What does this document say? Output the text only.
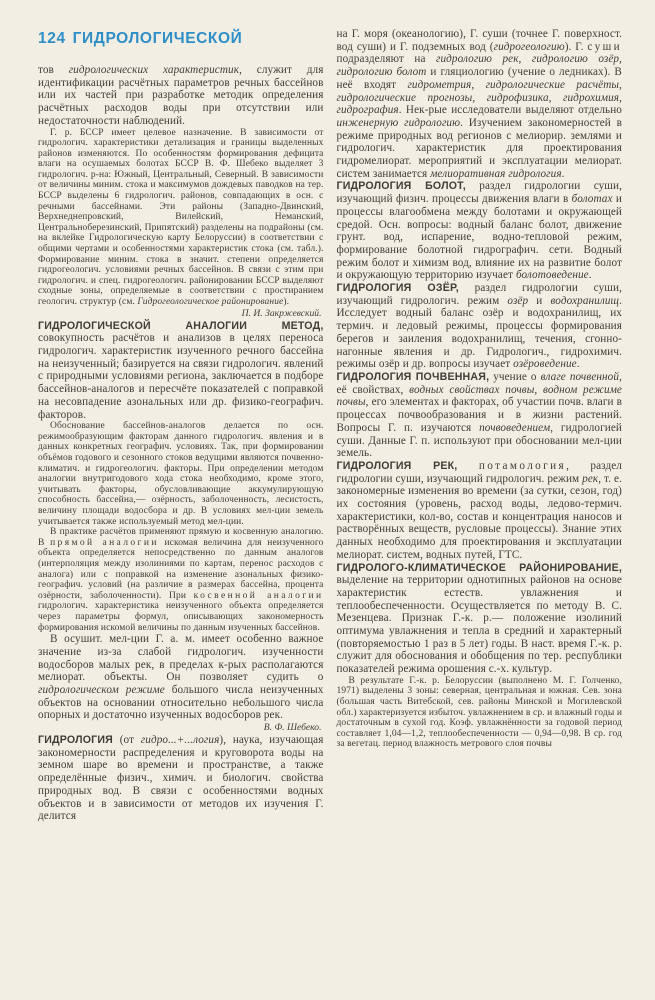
124 ГИДРОЛОГИЧЕСКОЙ

тов гидрологических характеристик, служит для идентификации расчётных параметров речных бассейнов или их частей при разработке методик определения расчётных расходов воды при отсутствии или недостаточности наблюдений.

Г. р. БССР имеет целевое назначение. В зависимости от гидрологич. характеристики детализация и границы выделенных районов изменяются. По особенностям формирования дефицита влаги на осушаемых болотах БССР В. Ф. Шебеко выделяет 3 гидрологич. р-на: Южный, Центральный, Северный. В зависимости от величины миним. стока и максимумов дождевых паводков на тер. БССР выделены 6 гидрологич. районов, совпадающих в осн. с речными бассейнами. Эти районы (Западно-Двинский, Верхнеднепровский, Вилейский, Неманский, Центральноберезинский, Припятский) разделены на подрайоны (см. на вклейке Гидрологическую карту Белоруссии) в соответствии с общими чертами и особенностями характеристик стока (см. табл.). Формирование миним. стока в значит. степени определяется гидрогеологич. условиями речных бассейнов. В связи с этим при гидрологич. и спец. гидрогеологич. районировании БССР выделяют сходные зоны, определяемые в соответствии с простиранием геологич. структур (см. Гидрогеологическое районирование).

П. И. Закржевский.

ГИДРОЛОГИЧЕСКОЙ АНАЛОГИИ МЕТОД, совокупность расчётов и анализов в целях переноса гидрологич. характеристик изученного речного бассейна на неизученный; базируется на связи гидрологич. явлений с природными условиями региона, заключается в подборе бассейнов-аналогов и пересчёте показателей с поправкой на несовпадение азональных или др. физико-географич. факторов.

Обоснование бассейнов-аналогов делается по осн. режимообразующим факторам данного гидрологич. явления и в данных конкретных географич. условиях. Так, при формировании объёмов годового и сезонного стоков ведущими являются почвенно-климатич. и гидрогеологич. факторы. При определении методом аналогии внутригодового хода стока необходимо, кроме этого, учитывать факторы, обусловливающие аккумулирующую способность бассейна,— озёрность, заболоченность, лесистость, величину площади водосбора и др. В условиях мел-ции земель учитывается также используемый метод мел-ции.

В практике расчётов применяют прямую и косвенную аналогию. В прямой аналогии искомая величина для неизученного объекта определяется непосредственно по данным аналогов (интерполяция между изолиниями по картам, перенос расходов с аналога) или с поправкой на изменение азональных физико-географич. условий (на различие в размерах бассейна, процента озёрности, заболоченности). При косвенной аналогии гидрологич. характеристика неизученного объекта определяется через параметры формул, описывающих закономерность формирования искомой величины по данным изученных бассейнов.

В осушит. мел-ции Г. а. м. имеет особенно важное значение из-за слабой гидрологич. изученности водосборов малых рек, в пределах к-рых располагаются мелиорат. объекты. Он позволяет судить о гидрологическом режиме большого числа неизученных объектов на основании относительно небольшого числа опорных и достаточно изученных водосборов рек.

В. Ф. Шебеко.

ГИДРОЛОГИЯ (от гидро...+...логия), наука, изучающая закономерности распределения и круговорота воды на земном шаре во времени и пространстве, а также определённые физич., химич. и биологич. свойства природных вод. В связи с особенностями водных объектов и в зависимости от методов их изучения Г. делится

на Г. моря (океанологию), Г. суши (точнее Г. поверхност. вод суши) и Г. подземных вод (гидрогеологию). Г. суши подразделяют на гидрологию рек, гидрологию озёр, гидрологию болот и гляциологию (учение о ледниках). В неё входят гидрометрия, гидрологические расчёты, гидрологические прогнозы, гидрофизика, гидрохимия, гидрография. Нек-рые исследователи выделяют отдельно инженерную гидрологию. Изучением закономерностей в режиме природных вод регионов с мелиорир. землями и гидрологич. характеристик для проектирования гидромелиорат. мероприятий и эксплуатации мелиорат. систем занимается мелиоративная гидрология.

ГИДРОЛОГИЯ БОЛОТ, раздел гидрологии суши, изучающий физич. процессы движения влаги в болотах и процессы влагообмена между болотами и окружающей средой. Осн. вопросы: водный баланс болот, движение грунт. вод, испарение, водно-тепловой режим, формирование болотной гидрографич. сети. Водный режим болот и химизм вод, влияние их на развитие болот и окружающую территорию изучает болотоведение.

ГИДРОЛОГИЯ ОЗЁР, раздел гидрологии суши, изучающий гидрологич. режим озёр и водохранилищ. Исследует водный баланс озёр и водохранилищ, их термич. и ледовый режимы, процессы формирования берегов и заиления водохранилищ, течения, сгонно-нагонные явления и др. Гидрологич., гидрохимич. режимы озёр и др. вопросы изучает озёроведение.

ГИДРОЛОГИЯ ПОЧВЕННАЯ, учение о влаге почвенной, её свойствах, водных свойствах почвы, водном режиме почвы, его элементах и факторах, об участии почв. влаги в процессах почвообразования и в жизни растений. Вопросы Г. п. изучаются почвоведением, гидрологией суши. Данные Г. п. используют при обосновании мел-ции земель.

ГИДРОЛОГИЯ РЕК, потамология, раздел гидрологии суши, изучающий гидрологич. режим рек, т. е. закономерные изменения во времени (за сутки, сезон, год) их состояния (уровень, расход воды, ледово-термич. характеристики, кол-во, состав и концентрация наносов и растворённых веществ, русловые процессы). Знание этих данных необходимо для проектирования и эксплуатации мелиорат. систем, водных путей, ГТС.

ГИДРОЛОГО-КЛИМАТИЧЕСКОЕ РАЙОНИРОВАНИЕ, выделение на территории однотипных районов на основе характеристик естеств. увлажнения и теплообеспеченности. Осуществляется по методу В. С. Мезенцева. Признак Г.-к. р.— положение изолиний оптимума увлажнения и тепла в средний и характерный (повторяемостью 1 раз в 5 лет) годы. В наст. время Г.-к. р. служит для обоснования и обобщения по тер. республики показателей режима орошения с.-х. культур.

В результате Г.-к. р. Белоруссии (выполнено М. Г. Голченко, 1971) выделены 3 зоны: северная, центральная и южная. Сев. зона (большая часть Витебской, сев. районы Минской и Могилевской обл.) характеризуется избыточ. увлажнением в ср. и влажный годы и достаточным в сухой год. Коэф. увлажнённости за годовой период составляет 1,04—1,2, теплообеспеченности — 0,94—0,98. В ср. год за вегетац. период влажность метрового слоя почвы
